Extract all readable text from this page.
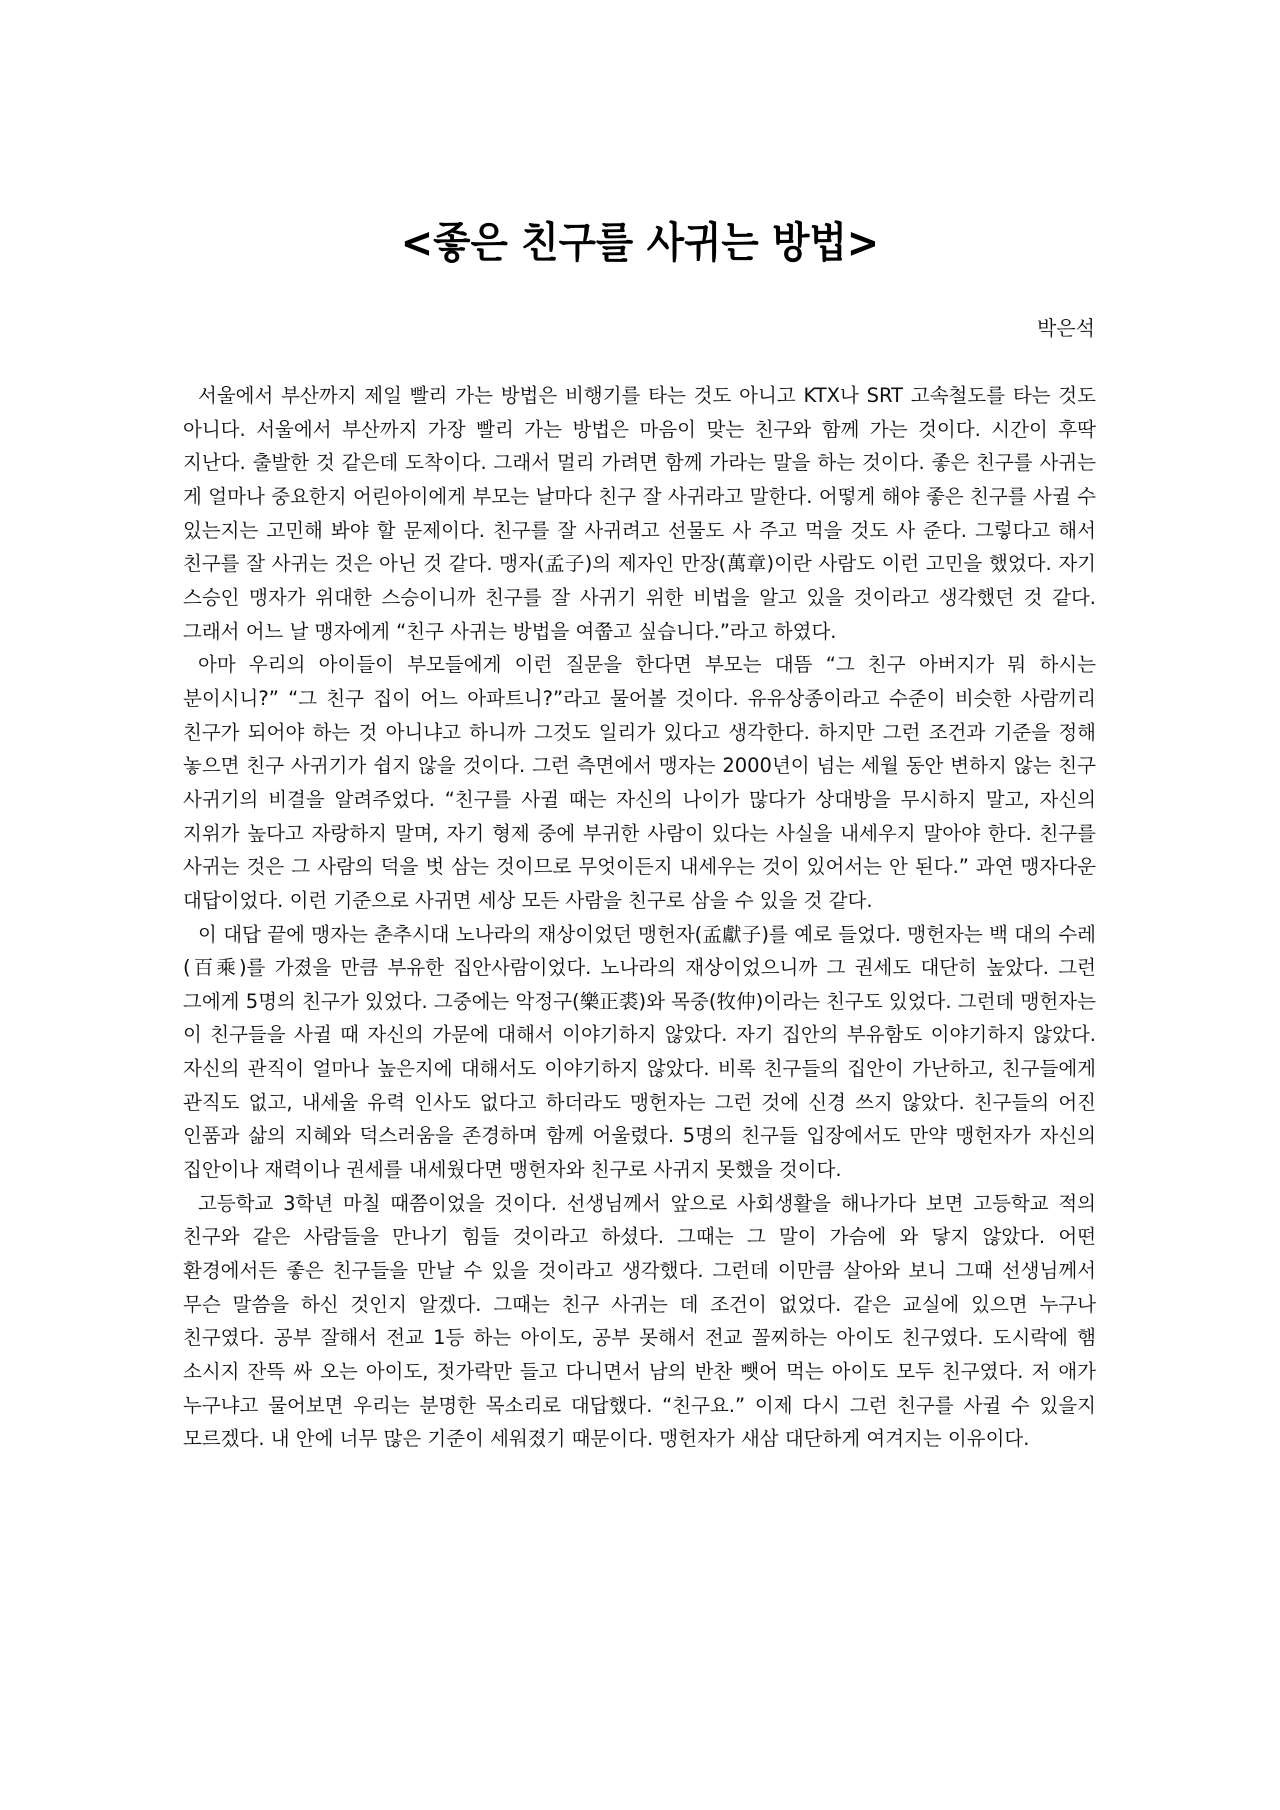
<좋은 친구를 사귀는 방법>
박은석

서울에서 부산까지 제일 빨리 가는 방법은 비행기를 타는 것도 아니고 KTX나 SRT 고속철도를 타는 것도 아니다. 서울에서 부산까지 가장 빨리 가는 방법은 마음이 맞는 친구와 함께 가는 것이다. 시간이 후딱 지난다. 출발한 것 같은데 도착이다. 그래서 멀리 가려면 함께 가라는 말을 하는 것이다. 좋은 친구를 사귀는 게 얼마나 중요한지 어린아이에게 부모는 날마다 친구 잘 사귀라고 말한다. 어떻게 해야 좋은 친구를 사귈 수 있는지는 고민해 봐야 할 문제이다. 친구를 잘 사귀려고 선물도 사 주고 먹을 것도 사 준다. 그렇다고 해서 친구를 잘 사귀는 것은 아닌 것 같다. 맹자(孟子)의 제자인 만장(萬章)이란 사람도 이런 고민을 했었다. 자기 스승인 맹자가 위대한 스승이니까 친구를 잘 사귀기 위한 비법을 알고 있을 것이라고 생각했던 것 같다. 그래서 어느 날 맹자에게 “친구 사귀는 방법을 여쭙고 싶습니다.”라고 하였다.

아마 우리의 아이들이 부모들에게 이런 질문을 한다면 부모는 대뜸 “그 친구 아버지가 뭐 하시는 분이시니?” “그 친구 집이 어느 아파트니?”라고 물어볼 것이다. 유유상종이라고 수준이 비슷한 사람끼리 친구가 되어야 하는 것 아니냐고 하니까 그것도 일리가 있다고 생각한다. 하지만 그런 조건과 기준을 정해 놓으면 친구 사귀기가 쉽지 않을 것이다. 그런 측면에서 맹자는 2000년이 넘는 세월 동안 변하지 않는 친구 사귀기의 비결을 알려주었다. “친구를 사귈 때는 자신의 나이가 많다가 상대방을 무시하지 말고, 자신의 지위가 높다고 자랑하지 말며, 자기 형제 중에 부귀한 사람이 있다는 사실을 내세우지 말아야 한다. 친구를 사귀는 것은 그 사람의 덕을 벗 삼는 것이므로 무엇이든지 내세우는 것이 있어서는 안 된다.” 과연 맹자다운 대답이었다. 이런 기준으로 사귀면 세상 모든 사람을 친구로 삼을 수 있을 것 같다.

이 대답 끝에 맹자는 춘추시대 노나라의 재상이었던 맹헌자(孟獻子)를 예로 들었다. 맹헌자는 백 대의 수레(百乘)를 가졌을 만큼 부유한 집안사람이었다. 노나라의 재상이었으니까 그 권세도 대단히 높았다. 그런 그에게 5명의 친구가 있었다. 그중에는 악정구(樂正裘)와 목중(牧仲)이라는 친구도 있었다. 그런데 맹헌자는 이 친구들을 사귈 때 자신의 가문에 대해서 이야기하지 않았다. 자기 집안의 부유함도 이야기하지 않았다. 자신의 관직이 얼마나 높은지에 대해서도 이야기하지 않았다. 비록 친구들의 집안이 가난하고, 친구들에게 관직도 없고, 내세울 유력 인사도 없다고 하더라도 맹헌자는 그런 것에 신경 쓰지 않았다. 친구들의 어진 인품과 삶의 지혜와 덕스러움을 존경하며 함께 어울렸다. 5명의 친구들 입장에서도 만약 맹헌자가 자신의 집안이나 재력이나 권세를 내세웠다면 맹헌자와 친구로 사귀지 못했을 것이다.

고등학교 3학년 마칠 때쯤이었을 것이다. 선생님께서 앞으로 사회생활을 해나가다 보면 고등학교 적의 친구와 같은 사람들을 만나기 힘들 것이라고 하셨다. 그때는 그 말이 가슴에 와 닿지 않았다. 어떤 환경에서든 좋은 친구들을 만날 수 있을 것이라고 생각했다. 그런데 이만큼 살아와 보니 그때 선생님께서 무슨 말씀을 하신 것인지 알겠다. 그때는 친구 사귀는 데 조건이 없었다. 같은 교실에 있으면 누구나 친구였다. 공부 잘해서 전교 1등 하는 아이도, 공부 못해서 전교 꼴찌하는 아이도 친구였다. 도시락에 햄 소시지 잔뜩 싸 오는 아이도, 젓가락만 들고 다니면서 남의 반찬 뺏어 먹는 아이도 모두 친구였다. 저 애가 누구냐고 물어보면 우리는 분명한 목소리로 대답했다. “친구요.” 이제 다시 그런 친구를 사귈 수 있을지 모르겠다. 내 안에 너무 많은 기준이 세워졌기 때문이다. 맹헌자가 새삼 대단하게 여겨지는 이유이다.
